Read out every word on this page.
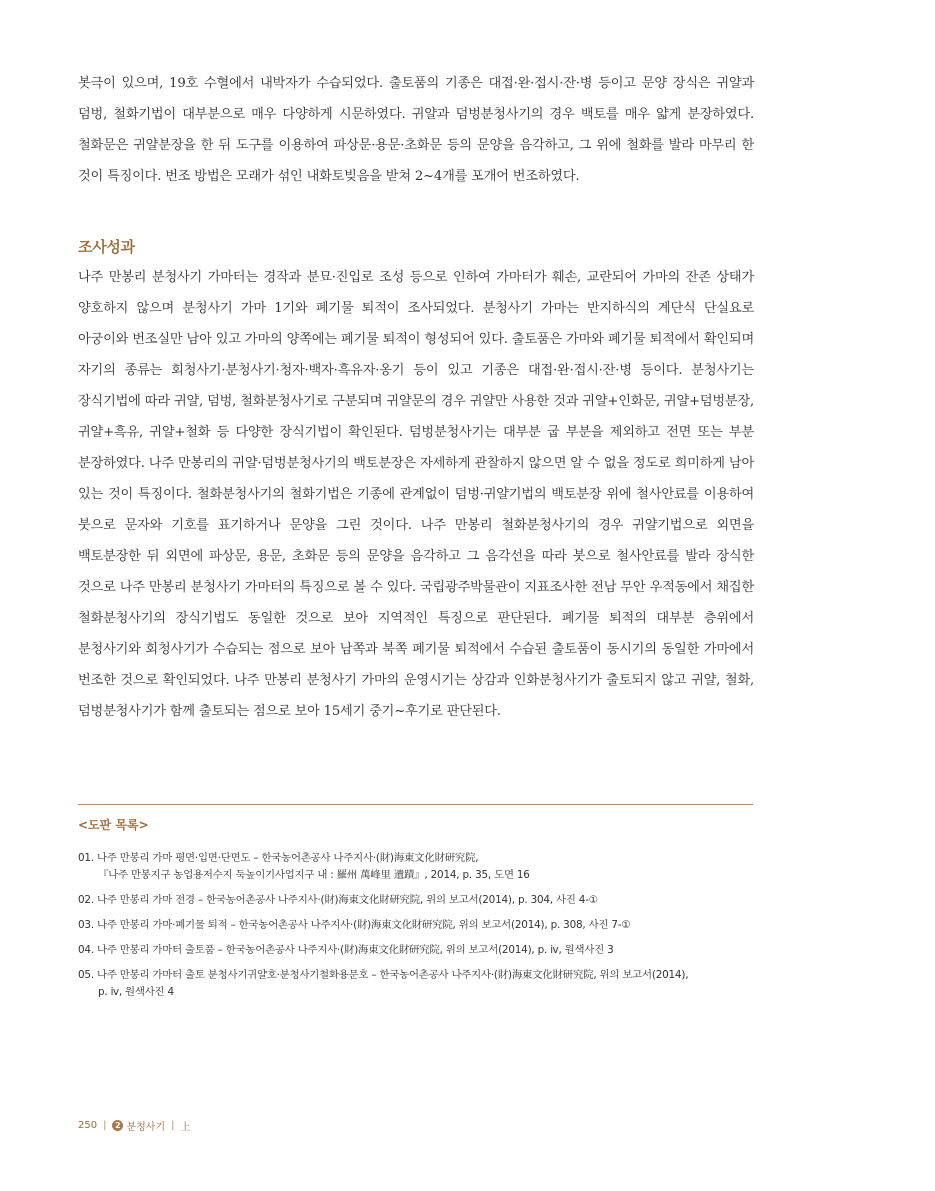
봇극이 있으며, 19호 수혈에서 내박자가 수습되었다. 출토품의 기종은 대접·완·접시·잔·병 등이고 문양 장식은 귀얄과 덤벙, 철화기법이 대부분으로 매우 다양하게 시문하였다. 귀얄과 덤벙분청사기의 경우 백토를 매우 얇게 분장하였다. 철화문은 귀얄분장을 한 뒤 도구를 이용하여 파상문·용문·초화문 등의 문양을 음각하고, 그 위에 철화를 발라 마무리 한 것이 특징이다. 번조 방법은 모래가 섞인 내화토빚음을 받쳐 2~4개를 포개어 번조하였다.

조사성과

나주 만봉리 분청사기 가마터는 경작과 분묘·진입로 조성 등으로 인하여 가마터가 훼손, 교란되어 가마의 잔존 상태가 양호하지 않으며 분청사기 가마 1기와 폐기물 퇴적이 조사되었다. 분청사기 가마는 반지하식의 계단식 단실요로 아궁이와 번조실만 남아 있고 가마의 양쪽에는 폐기물 퇴적이 형성되어 있다. 출토품은 가마와 폐기물 퇴적에서 확인되며 자기의 종류는 회청사기·분청사기·청자·백자·흑유자·옹기 등이 있고 기종은 대접·완·접시·잔·병 등이다. 분청사기는 장식기법에 따라 귀얄, 덤벙, 철화분청사기로 구분되며 귀얄문의 경우 귀얄만 사용한 것과 귀얄+인화문, 귀얄+덤벙분장, 귀얄+흑유, 귀얄+철화 등 다양한 장식기법이 확인된다. 덤벙분청사기는 대부분 굽 부분을 제외하고 전면 또는 부분 분장하였다. 나주 만봉리의 귀얄·덤벙분청사기의 백토분장은 자세하게 관찰하지 않으면 알 수 없을 정도로 희미하게 남아 있는 것이 특징이다. 철화분청사기의 철화기법은 기종에 관계없이 덤벙·귀얄기법의 백토분장 위에 철사안료를 이용하여 붓으로 문자와 기호를 표기하거나 문양을 그린 것이다. 나주 만봉리 철화분청사기의 경우 귀얄기법으로 외면을 백토분장한 뒤 외면에 파상문, 용문, 초화문 등의 문양을 음각하고 그 음각선을 따라 붓으로 철사안료를 발라 장식한 것으로 나주 만봉리 분청사기 가마터의 특징으로 볼 수 있다. 국립광주박물관이 지표조사한 전남 무안 우적동에서 채집한 철화분청사기의 장식기법도 동일한 것으로 보아 지역적인 특징으로 판단된다. 폐기물 퇴적의 대부분 층위에서 분청사기와 회청사기가 수습되는 점으로 보아 남쪽과 북쪽 폐기물 퇴적에서 수습된 출토품이 동시기의 동일한 가마에서 번조한 것으로 확인되었다. 나주 만봉리 분청사기 가마의 운영시기는 상감과 인화분청사기가 출토되지 않고 귀얄, 철화, 덤벙분청사기가 함께 출토되는 점으로 보아 15세기 중기~후기로 판단된다.

<도판 목록>
01. 나주 만봉리 가마 평면·입면·단면도 – 한국농어촌공사 나주지사·(財)海東文化財研究院,
『나주 만봉지구 농업용저수지 둑높이기사업지구 내 : 羅州 萬峰里 遺蹟』, 2014, p. 35, 도면 16
02. 나주 만봉리 가마 전경 – 한국농어촌공사 나주지사·(財)海東文化財研究院, 위의 보고서(2014), p. 304, 사진 4-①
03. 나주 만봉리 가마·폐기물 퇴적 – 한국농어촌공사 나주지사·(財)海東文化財研究院, 위의 보고서(2014), p. 308, 사진 7-①
04. 나주 만봉리 가마터 출토품 – 한국농어촌공사 나주지사·(財)海東文化財研究院, 위의 보고서(2014), p. ⅳ, 원색사진 3
05. 나주 만봉리 가마터 출토 분청사기귀얄호·분청사기철화용문호 – 한국농어촌공사 나주지사·(財)海東文化財研究院, 위의 보고서(2014),
p. ⅳ, 원색사진 4
250 |	2 분청사기 | 上
